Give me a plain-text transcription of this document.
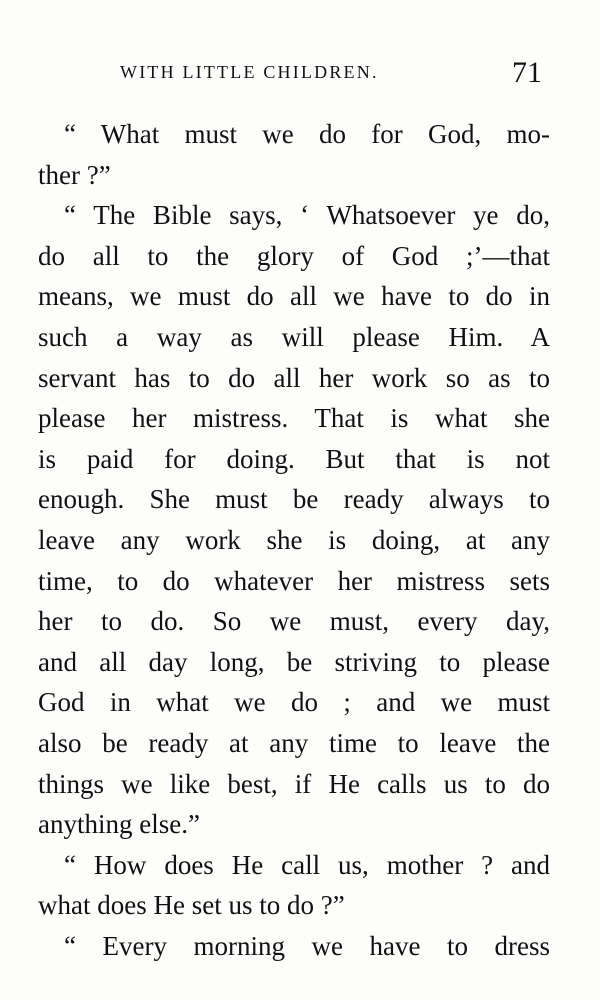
WITH LITTLE CHILDREN.	71

“ What must we do for God, mo-
ther ?”

“ The Bible says, ‘ Whatsoever ye do,
do all to the glory of God ;’—that
means, we must do all we have to do in
such a way as will please Him. A
servant has to do all her work so as to
please her mistress. That is what she
is paid for doing. But that is not
enough. She must be ready always to
leave any work she is doing, at any
time, to do whatever her mistress sets
her to do. So we must, every day,
and all day long, be striving to please
God in what we do ; and we must
also be ready at any time to leave the
things we like best, if He calls us to do
anything else.”

“ How does He call us, mother ? and
what does He set us to do ?”

“ Every morning we have to dress
